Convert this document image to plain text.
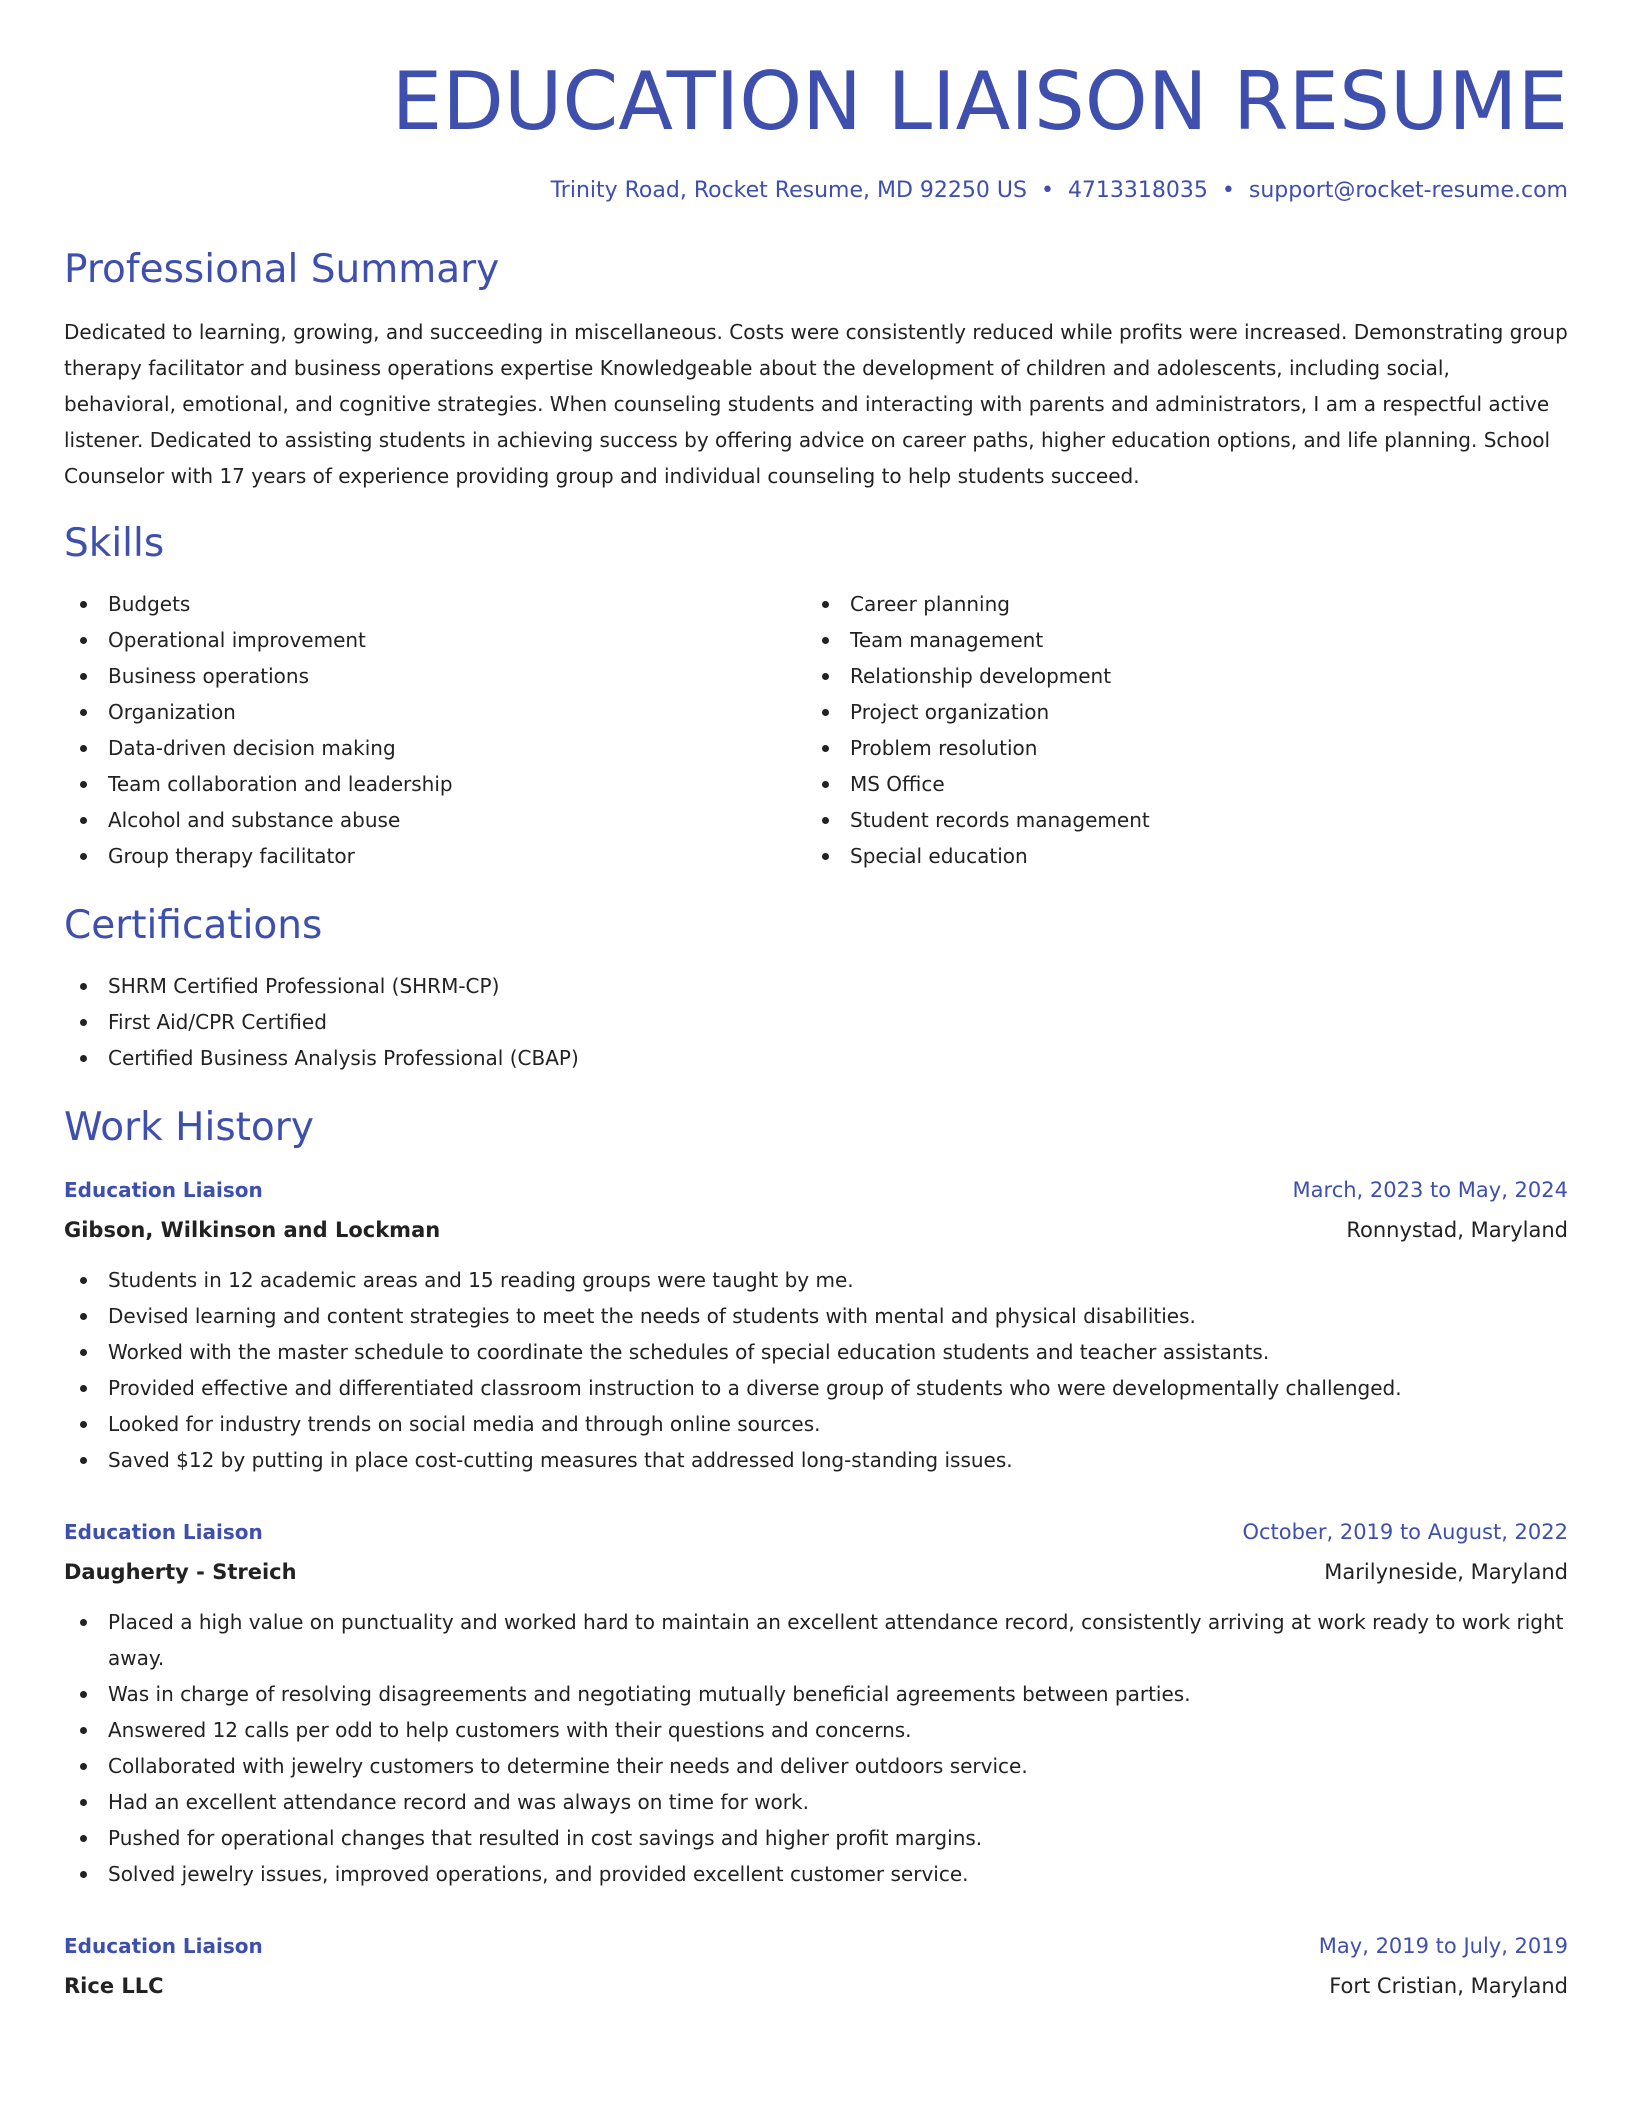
EDUCATION LIAISON RESUME
Trinity Road, Rocket Resume, MD 92250 US • 4713318035 • support@rocket-resume.com
Professional Summary
Dedicated to learning, growing, and succeeding in miscellaneous. Costs were consistently reduced while profits were increased. Demonstrating group therapy facilitator and business operations expertise Knowledgeable about the development of children and adolescents, including social, behavioral, emotional, and cognitive strategies. When counseling students and interacting with parents and administrators, I am a respectful active listener. Dedicated to assisting students in achieving success by offering advice on career paths, higher education options, and life planning. School Counselor with 17 years of experience providing group and individual counseling to help students succeed.
Skills
Budgets
Operational improvement
Business operations
Organization
Data-driven decision making
Team collaboration and leadership
Alcohol and substance abuse
Group therapy facilitator
Career planning
Team management
Relationship development
Project organization
Problem resolution
MS Office
Student records management
Special education
Certifications
SHRM Certified Professional (SHRM-CP)
First Aid/CPR Certified
Certified Business Analysis Professional (CBAP)
Work History
Education Liaison	March, 2023 to May, 2024
Gibson, Wilkinson and Lockman	Ronnystad, Maryland
Students in 12 academic areas and 15 reading groups were taught by me.
Devised learning and content strategies to meet the needs of students with mental and physical disabilities.
Worked with the master schedule to coordinate the schedules of special education students and teacher assistants.
Provided effective and differentiated classroom instruction to a diverse group of students who were developmentally challenged.
Looked for industry trends on social media and through online sources.
Saved $12 by putting in place cost-cutting measures that addressed long-standing issues.
Education Liaison	October, 2019 to August, 2022
Daugherty - Streich	Marilyneside, Maryland
Placed a high value on punctuality and worked hard to maintain an excellent attendance record, consistently arriving at work ready to work right away.
Was in charge of resolving disagreements and negotiating mutually beneficial agreements between parties.
Answered 12 calls per odd to help customers with their questions and concerns.
Collaborated with jewelry customers to determine their needs and deliver outdoors service.
Had an excellent attendance record and was always on time for work.
Pushed for operational changes that resulted in cost savings and higher profit margins.
Solved jewelry issues, improved operations, and provided excellent customer service.
Education Liaison	May, 2019 to July, 2019
Rice LLC	Fort Cristian, Maryland
